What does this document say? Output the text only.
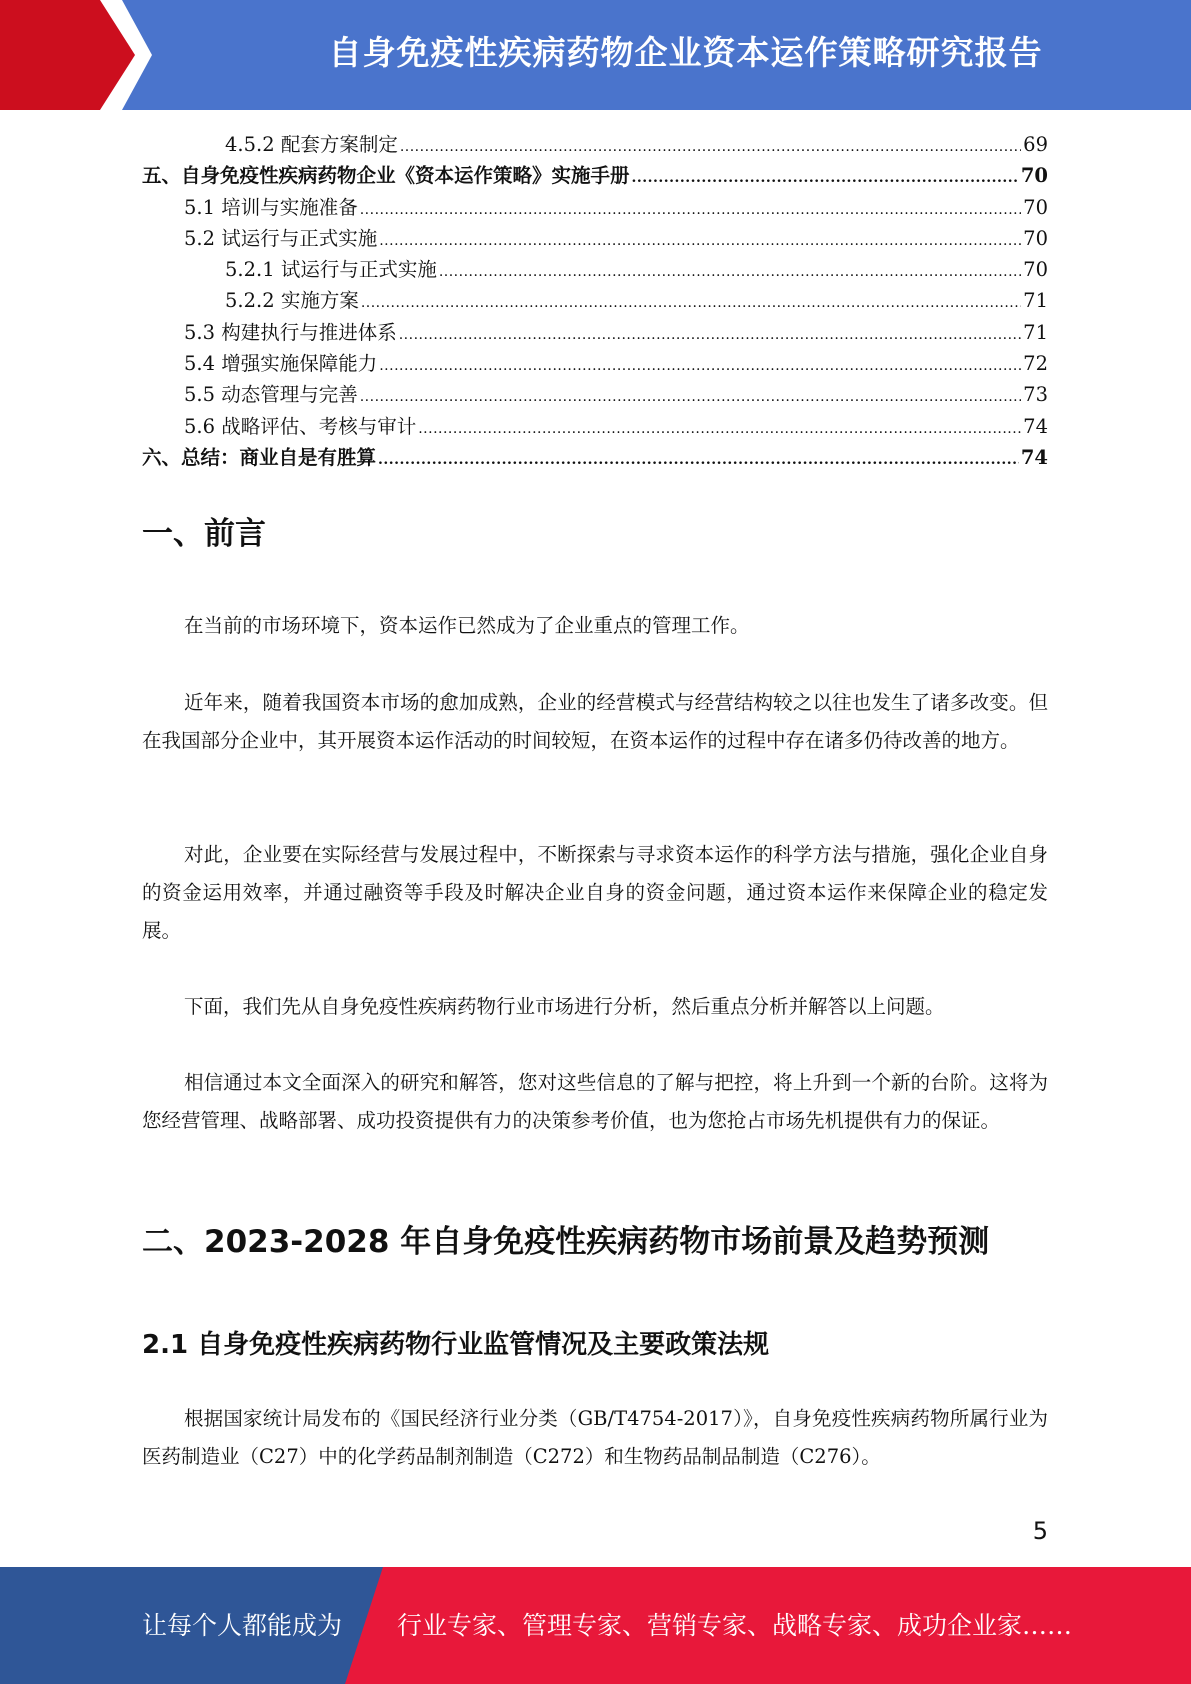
自身免疫性疾病药物企业资本运作策略研究报告
4.5.2 配套方案制定 .....	69
五、自身免疫性疾病药物企业《资本运作策略》实施手册 .....	70
5.1 培训与实施准备 .....	70
5.2 试运行与正式实施 .....	70
5.2.1 试运行与正式实施 .....	70
5.2.2 实施方案 .....	71
5.3 构建执行与推进体系 .....	71
5.4 增强实施保障能力 .....	72
5.5 动态管理与完善 .....	73
5.6 战略评估、考核与审计 .....	74
六、总结：商业自是有胜算 .....	74
一、前言

在当前的市场环境下，资本运作已然成为了企业重点的管理工作。

近年来，随着我国资本市场的愈加成熟，企业的经营模式与经营结构较之以往也发生了诸多改变。但在我国部分企业中，其开展资本运作活动的时间较短，在资本运作的过程中存在诸多仍待改善的地方。

对此，企业要在实际经营与发展过程中，不断探索与寻求资本运作的科学方法与措施，强化企业自身的资金运用效率，并通过融资等手段及时解决企业自身的资金问题，通过资本运作来保障企业的稳定发展。

下面，我们先从自身免疫性疾病药物行业市场进行分析，然后重点分析并解答以上问题。

相信通过本文全面深入的研究和解答，您对这些信息的了解与把控，将上升到一个新的台阶。这将为您经营管理、战略部署、成功投资提供有力的决策参考价值，也为您抢占市场先机提供有力的保证。

二、2023-2028 年自身免疫性疾病药物市场前景及趋势预测
2.1 自身免疫性疾病药物行业监管情况及主要政策法规

根据国家统计局发布的《国民经济行业分类（GB/T4754-2017）》，自身免疫性疾病药物所属行业为医药制造业（C27）中的化学药品制剂制造（C272）和生物药品制品制造（C276）。

5
让每个人都能成为 行业专家、管理专家、营销专家、战略专家、成功企业家……
